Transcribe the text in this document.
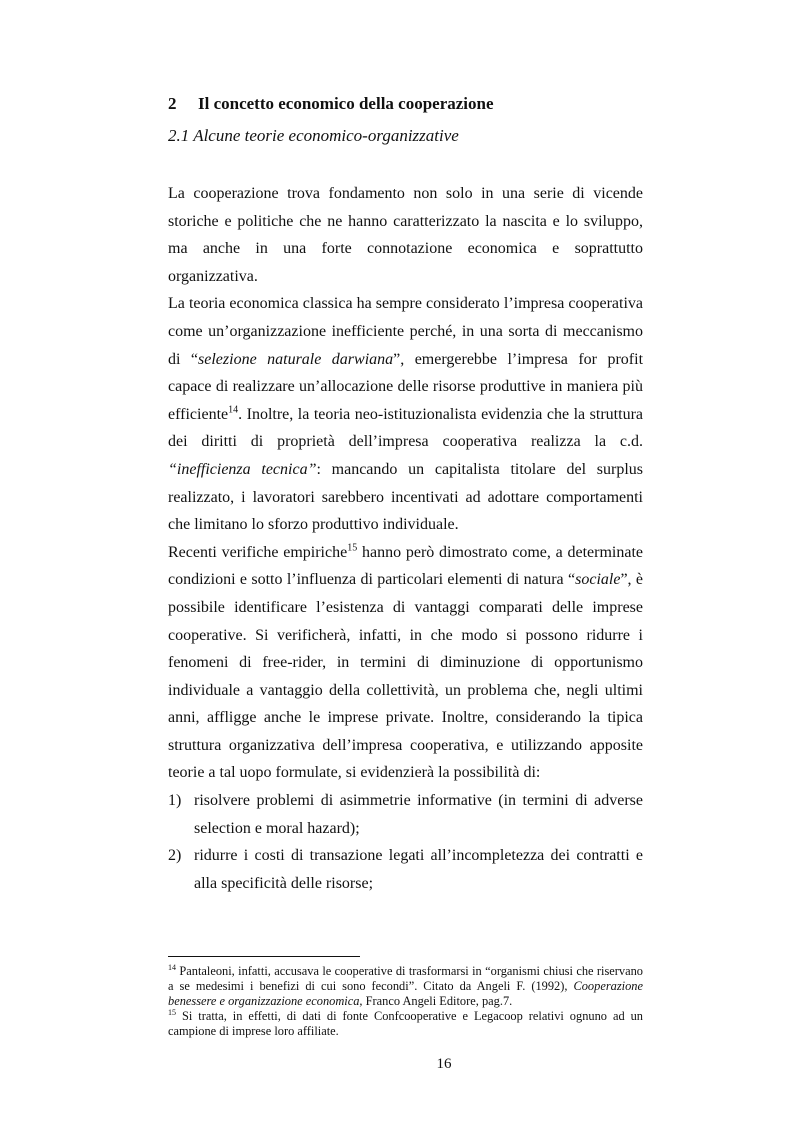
2 Il concetto economico della cooperazione
2.1 Alcune teorie economico-organizzative

La cooperazione trova fondamento non solo in una serie di vicende storiche e politiche che ne hanno caratterizzato la nascita e lo sviluppo, ma anche in una forte connotazione economica e soprattutto organizzativa.

La teoria economica classica ha sempre considerato l’impresa cooperativa come un’organizzazione inefficiente perché, in una sorta di meccanismo di “selezione naturale darwiana”, emergerebbe l’impresa for profit capace di realizzare un’allocazione delle risorse produttive in maniera più efficiente$^{14}$. Inoltre, la teoria neo-istituzionalista evidenzia che la struttura dei diritti di proprietà dell’impresa cooperativa realizza la c.d. “inefficienza tecnica”: mancando un capitalista titolare del surplus realizzato, i lavoratori sarebbero incentivati ad adottare comportamenti che limitano lo sforzo produttivo individuale.

Recenti verifiche empiriche$^{15}$ hanno però dimostrato come, a determinate condizioni e sotto l’influenza di particolari elementi di natura “sociale”, è possibile identificare l’esistenza di vantaggi comparati delle imprese cooperative. Si verificherà, infatti, in che modo si possono ridurre i fenomeni di free-rider, in termini di diminuzione di opportunismo individuale a vantaggio della collettività, un problema che, negli ultimi anni, affligge anche le imprese private. Inoltre, considerando la tipica struttura organizzativa dell’impresa cooperativa, e utilizzando apposite teorie a tal uopo formulate, si evidenzierà la possibilità di:

1) risolvere problemi di asimmetrie informative (in termini di adverse selection e moral hazard);
2) ridurre i costi di transazione legati all’incompletezza dei contratti e alla specificità delle risorse;

$^{14}$ Pantaleoni, infatti, accusava le cooperative di trasformarsi in “organismi chiusi che riservano a se medesimi i benefizi di cui sono fecondi”. Citato da Angeli F. (1992), Cooperazione benessere e organizzazione economica, Franco Angeli Editore, pag.7.

$^{15}$ Si tratta, in effetti, di dati di fonte Confcooperative e Legacoop relativi ognuno ad un campione di imprese loro affiliate.

16
